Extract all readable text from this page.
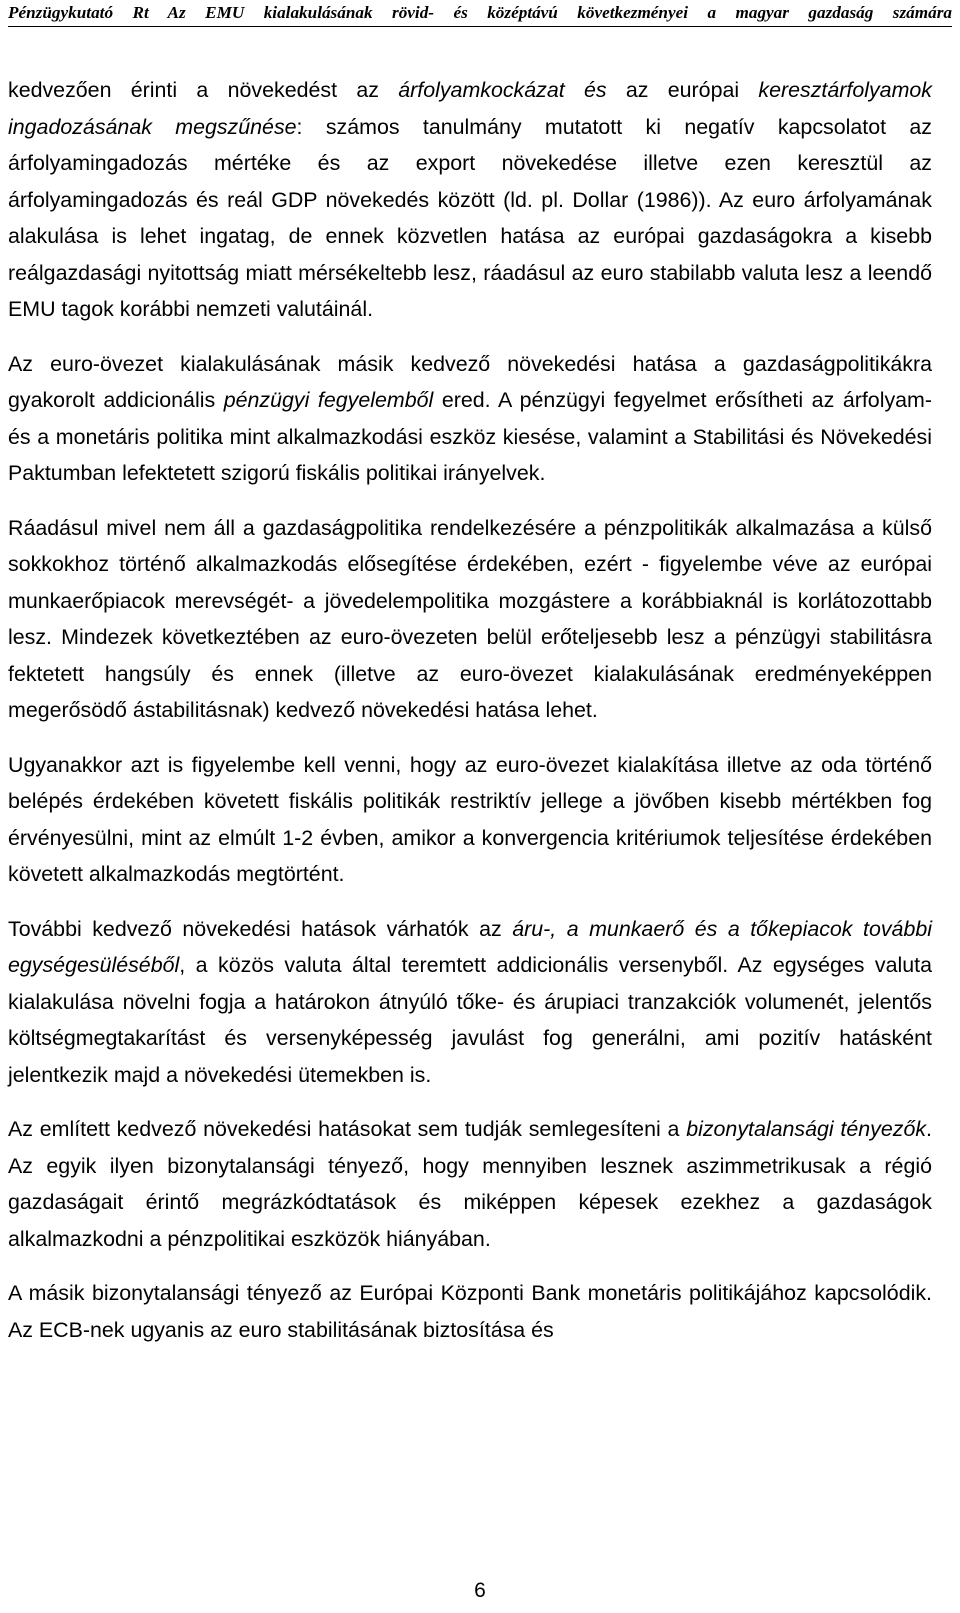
Pénzügykutató Rt Az EMU kialakulásának rövid- és középtávú következményei a magyar gazdaság számára

kedvezően érinti a növekedést az árfolyamkockázat és az európai keresztárfolyamok ingadozásának megszűnése: számos tanulmány mutatott ki negatív kapcsolatot az árfolyamingadozás mértéke és az export növekedése illetve ezen keresztül az árfolyamingadozás és reál GDP növekedés között (ld. pl. Dollar (1986)). Az euro árfolyamának alakulása is lehet ingatag, de ennek közvetlen hatása az európai gazdaságokra a kisebb reálgazdasági nyitottság miatt mérsékeltebb lesz, ráadásul az euro stabilabb valuta lesz a leendő EMU tagok korábbi nemzeti valutáinál.

Az euro-övezet kialakulásának másik kedvező növekedési hatása a gazdaságpolitikákra gyakorolt addicionális pénzügyi fegyelemből ered. A pénzügyi fegyelmet erősítheti az árfolyam- és a monetáris politika mint alkalmazkodási eszköz kiesése, valamint a Stabilitási és Növekedési Paktumban lefektetett szigorú fiskális politikai irányelvek.

Ráadásul mivel nem áll a gazdaságpolitika rendelkezésére a pénzpolitikák alkalmazása a külső sokkokhoz történő alkalmazkodás elősegítése érdekében, ezért - figyelembe véve az európai munkaerőpiacok merevségét- a jövedelempolitika mozgástere a korábbiaknál is korlátozottabb lesz. Mindezek következtében az euro-övezeten belül erőteljesebb lesz a pénzügyi stabilitásra fektetett hangsúly és ennek (illetve az euro-övezet kialakulásának eredményeképpen megerősödő ástabilitásnak) kedvező növekedési hatása lehet.

Ugyanakkor azt is figyelembe kell venni, hogy az euro-övezet kialakítása illetve az oda történő belépés érdekében követett fiskális politikák restriktív jellege a jövőben kisebb mértékben fog érvényesülni, mint az elmúlt 1-2 évben, amikor a konvergencia kritériumok teljesítése érdekében követett alkalmazkodás megtörtént.

További kedvező növekedési hatások várhatók az áru-, a munkaerő és a tőkepiacok további egységesüléséből, a közös valuta által teremtett addicionális versenyből. Az egységes valuta kialakulása növelni fogja a határokon átnyúló tőke- és árupiaci tranzakciók volumenét, jelentős költségmegtakarítást és versenyképesség javulást fog generálni, ami pozitív hatásként jelentkezik majd a növekedési ütemekben is.

Az említett kedvező növekedési hatásokat sem tudják semlegesíteni a bizonytalansági tényezők. Az egyik ilyen bizonytalansági tényező, hogy mennyiben lesznek aszimmetrikusak a régió gazdaságait érintő megrázkódtatások és miképpen képesek ezekhez a gazdaságok alkalmazkodni a pénzpolitikai eszközök hiányában.

A másik bizonytalansági tényező az Európai Központi Bank monetáris politikájához kapcsolódik. Az ECB-nek ugyanis az euro stabilitásának biztosítása és

6
